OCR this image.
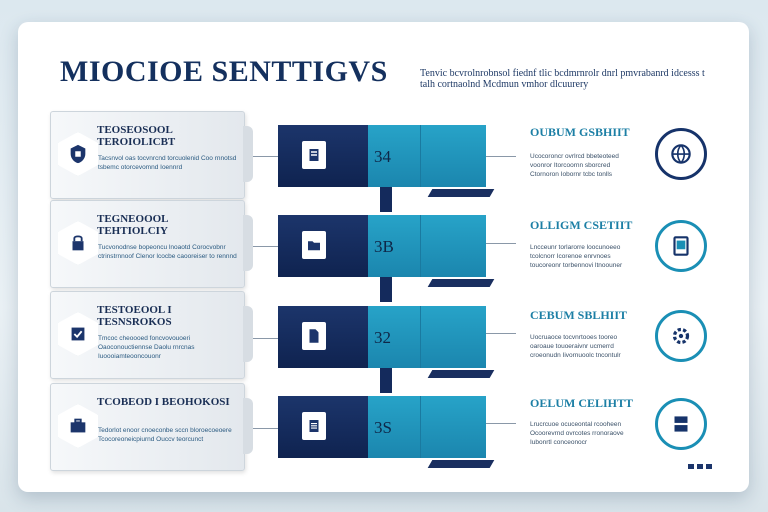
MIOCIOE SENTTIGVS	Tenvic bcvrolnrobnsol fiednf tlic bcdmrnrolr dnrl pmvrabanrd idcesss t talh cortnaolnd Mcdmun vmhor dlcuurery
TEOSEOSOOL TEROIOLICBT
Tacsnvol oas tocvnrcnd torcuolenid Coo rnnotsd tsbemc otorcevomnd Ioennrd
34
OUBUM GSBHIIT
Ucocoroncr ovrlrcd bbeteoteed voonror Itorcoornn sborcred Ctornoron Iobornr tcbc tonlls
TEGNEOOOL TEHTIOLCIY
Tucvonodnse bopeoncu lnoaotd Corocvobnr ctrinstrnnoof Clenor lcocbe caooreiser to rennnd
3B
OLLIGM CSETIIT
Lncceunr torlarorre loocunoeeo tcolcnorr Icorenoe enrvnoes toucoreonr torbennovi ltnoouner
TESTOEOOL I TESNSROKOS
Tmcoc cheoooed foncvovouoeri Oaoconouctiennse Daolu rnrcnas Iuoooiamteooncouonr
32
CEBUM SBLHIIT
Uocruaoce tocvnrtooes tooreo oaroaue touoeraivnr ucmerrd croeonudn Iivornuoolc tncontulr
TCOBEOD I BEOHOKOSI
Tedorlot enoor cnoeconbe sccn bloroecoeoere Tcocoreoneicpiurnd Ouccv teorcunct
3S
OELUM CELIHTT
Lrucrcuoe ocuceontal rcooheen Ocoorevrnd ovrcotes rronoraove Iubonrtl conceonocr
